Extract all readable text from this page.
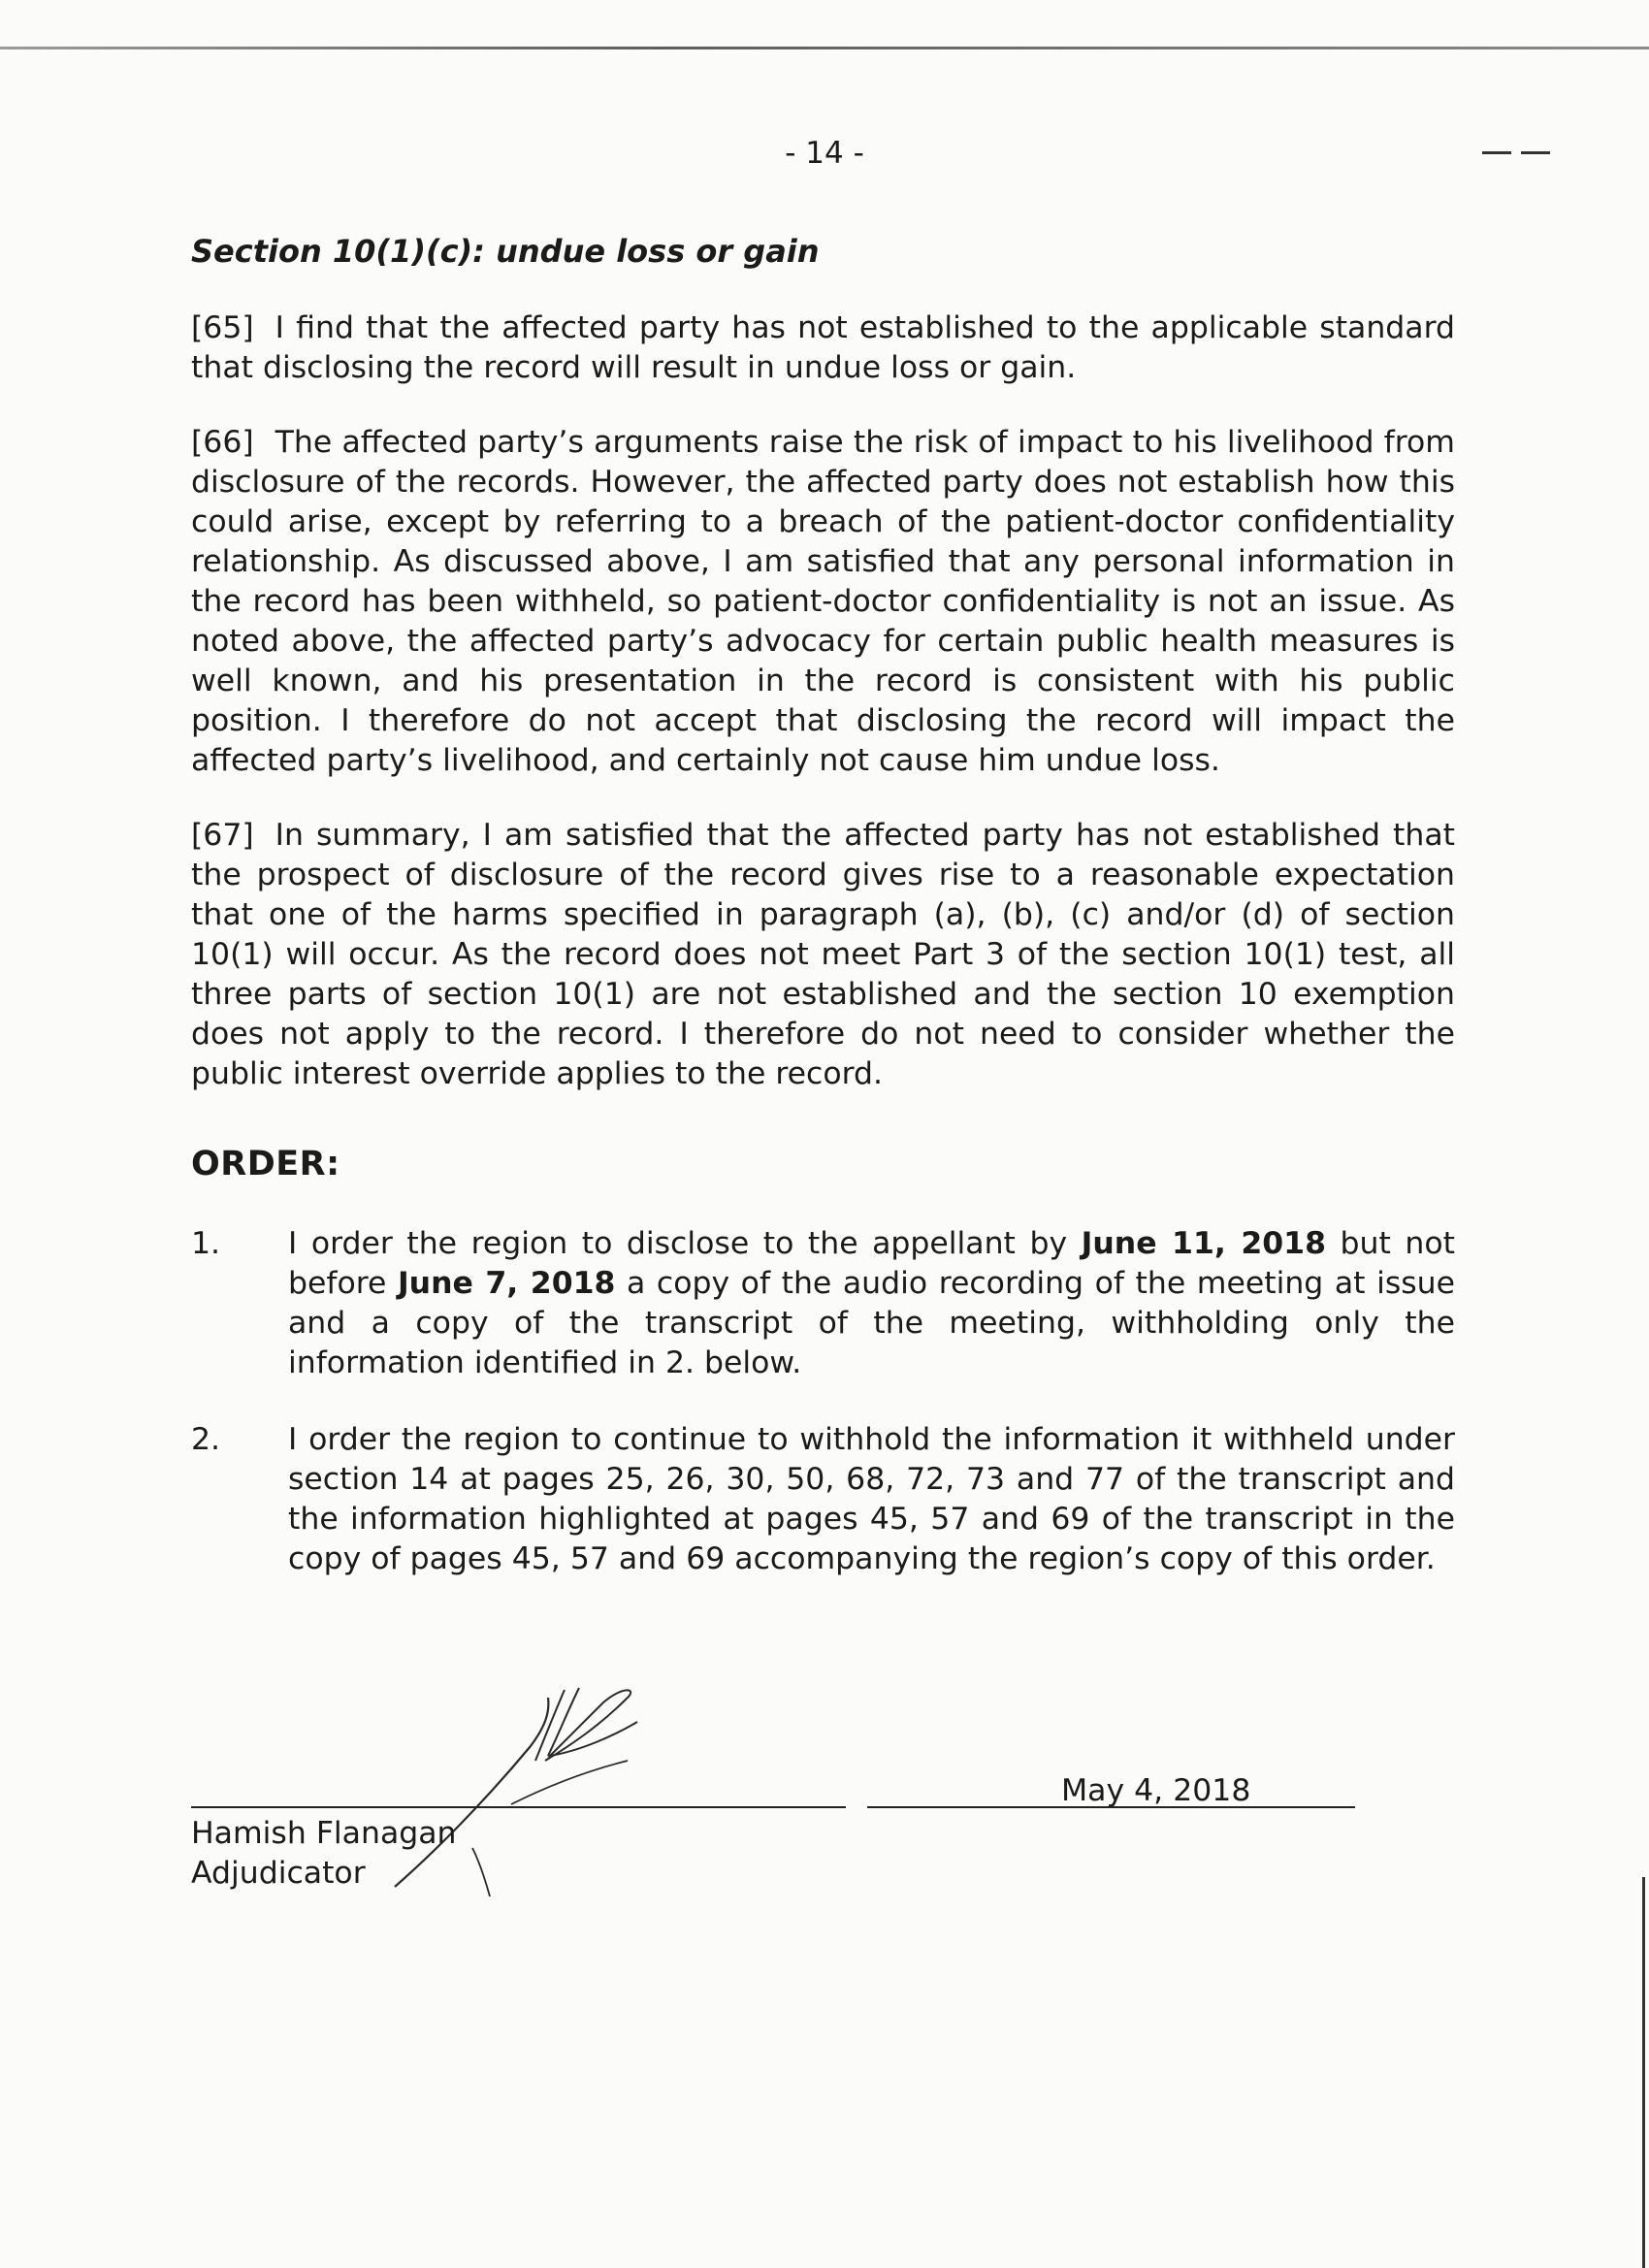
- 14 -
Section 10(1)(c): undue loss or gain

[65] I find that the affected party has not established to the applicable standard that disclosing the record will result in undue loss or gain.

[66] The affected party’s arguments raise the risk of impact to his livelihood from disclosure of the records. However, the affected party does not establish how this could arise, except by referring to a breach of the patient-doctor confidentiality relationship. As discussed above, I am satisfied that any personal information in the record has been withheld, so patient-doctor confidentiality is not an issue. As noted above, the affected party’s advocacy for certain public health measures is well known, and his presentation in the record is consistent with his public position. I therefore do not accept that disclosing the record will impact the affected party’s livelihood, and certainly not cause him undue loss.

[67] In summary, I am satisfied that the affected party has not established that the prospect of disclosure of the record gives rise to a reasonable expectation that one of the harms specified in paragraph (a), (b), (c) and/or (d) of section 10(1) will occur. As the record does not meet Part 3 of the section 10(1) test, all three parts of section 10(1) are not established and the section 10 exemption does not apply to the record. I therefore do not need to consider whether the public interest override applies to the record.

ORDER:
1.	I order the region to disclose to the appellant by June 11, 2018 but not before June 7, 2018 a copy of the audio recording of the meeting at issue and a copy of the transcript of the meeting, withholding only the information identified in 2. below.
2.	I order the region to continue to withhold the information it withheld under section 14 at pages 25, 26, 30, 50, 68, 72, 73 and 77 of the transcript and the information highlighted at pages 45, 57 and 69 of the transcript in the copy of pages 45, 57 and 69 accompanying the region’s copy of this order.
May 4, 2018
Hamish Flanagan
Adjudicator
